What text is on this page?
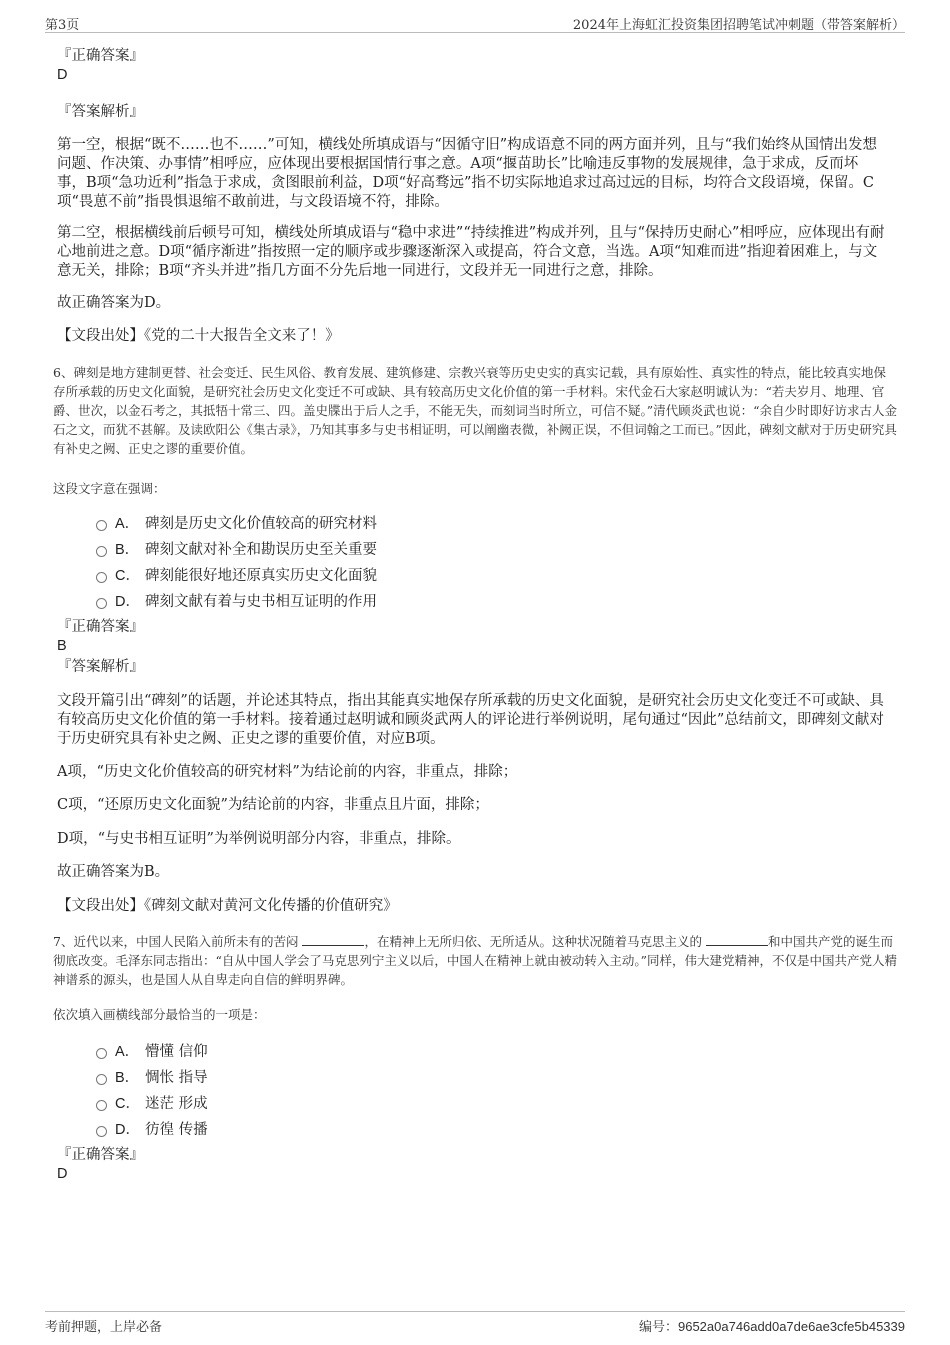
第3页	2024年上海虹汇投资集团招聘笔试冲刺题（带答案解析）
『正确答案』
D
『答案解析』

第一空，根据“既不……也不……”可知，横线处所填成语与“因循守旧”构成语意不同的两方面并列，且与“我们始终从国情出发想问题、作决策、办事情”相呼应，应体现出要根据国情行事之意。A项“揠苗助长”比喻违反事物的发展规律，急于求成，反而坏事，B项“急功近利”指急于求成，贪图眼前利益，D项“好高骛远”指不切实际地追求过高过远的目标，均符合文段语境，保留。C项“畏葸不前”指畏惧退缩不敢前进，与文段语境不符，排除。

第二空，根据横线前后顿号可知，横线处所填成语与“稳中求进”“持续推进”构成并列，且与“保持历史耐心”相呼应，应体现出有耐心地前进之意。D项“循序渐进”指按照一定的顺序或步骤逐渐深入或提高，符合文意，当选。A项“知难而进”指迎着困难上，与文意无关，排除；B项“齐头并进”指几方面不分先后地一同进行，文段并无一同进行之意，排除。

故正确答案为D。

【文段出处】《党的二十大报告全文来了！》

6、碑刻是地方建制更替、社会变迁、民生风俗、教育发展、建筑修建、宗教兴衰等历史史实的真实记载，具有原始性、真实性的特点，能比较真实地保存所承载的历史文化面貌，是研究社会历史文化变迁不可或缺、具有较高历史文化价值的第一手材料。宋代金石大家赵明诚认为：“若夫岁月、地理、官爵、世次，以金石考之，其抵牾十常三、四。盖史牒出于后人之手，不能无失，而刻词当时所立，可信不疑。”清代顾炎武也说：“余自少时即好访求古人金石之文，而犹不甚解。及读欧阳公《集古录》，乃知其事多与史书相证明，可以阐幽表微，补阙正误，不但词翰之工而已。”因此，碑刻文献对于历史研究具有补史之阙、正史之谬的重要价值。

这段文字意在强调：
A． 碑刻是历史文化价值较高的研究材料
B． 碑刻文献对补全和勘误历史至关重要
C． 碑刻能很好地还原真实历史文化面貌
D． 碑刻文献有着与史书相互证明的作用
『正确答案』
B
『答案解析』

文段开篇引出“碑刻”的话题，并论述其特点，指出其能真实地保存所承载的历史文化面貌，是研究社会历史文化变迁不可或缺、具有较高历史文化价值的第一手材料。接着通过赵明诚和顾炎武两人的评论进行举例说明，尾句通过“因此”总结前文，即碑刻文献对于历史研究具有补史之阙、正史之谬的重要价值，对应B项。

A项，“历史文化价值较高的研究材料”为结论前的内容，非重点，排除；

C项，“还原历史文化面貌”为结论前的内容，非重点且片面，排除；

D项，“与史书相互证明”为举例说明部分内容，非重点，排除。

故正确答案为B。

【文段出处】《碑刻文献对黄河文化传播的价值研究》

7、近代以来，中国人民陷入前所未有的苦闷	，在精神上无所归依、无所适从。这种状况随着马克思主义的	和中国共产党的诞生而彻底改变。毛泽东同志指出：“自从中国人学会了马克思列宁主义以后，中国人在精神上就由被动转入主动。”同样，伟大建党精神，不仅是中国共产党人精神谱系的源头，也是国人从自卑走向自信的鲜明界碑。

依次填入画横线部分最恰当的一项是：
A． 懵懂 信仰
B． 惆怅 指导
C． 迷茫 形成
D． 彷徨 传播
『正确答案』
D
考前押题，上岸必备	编号：9652a0a746add0a7de6ae3cfe5b45339
